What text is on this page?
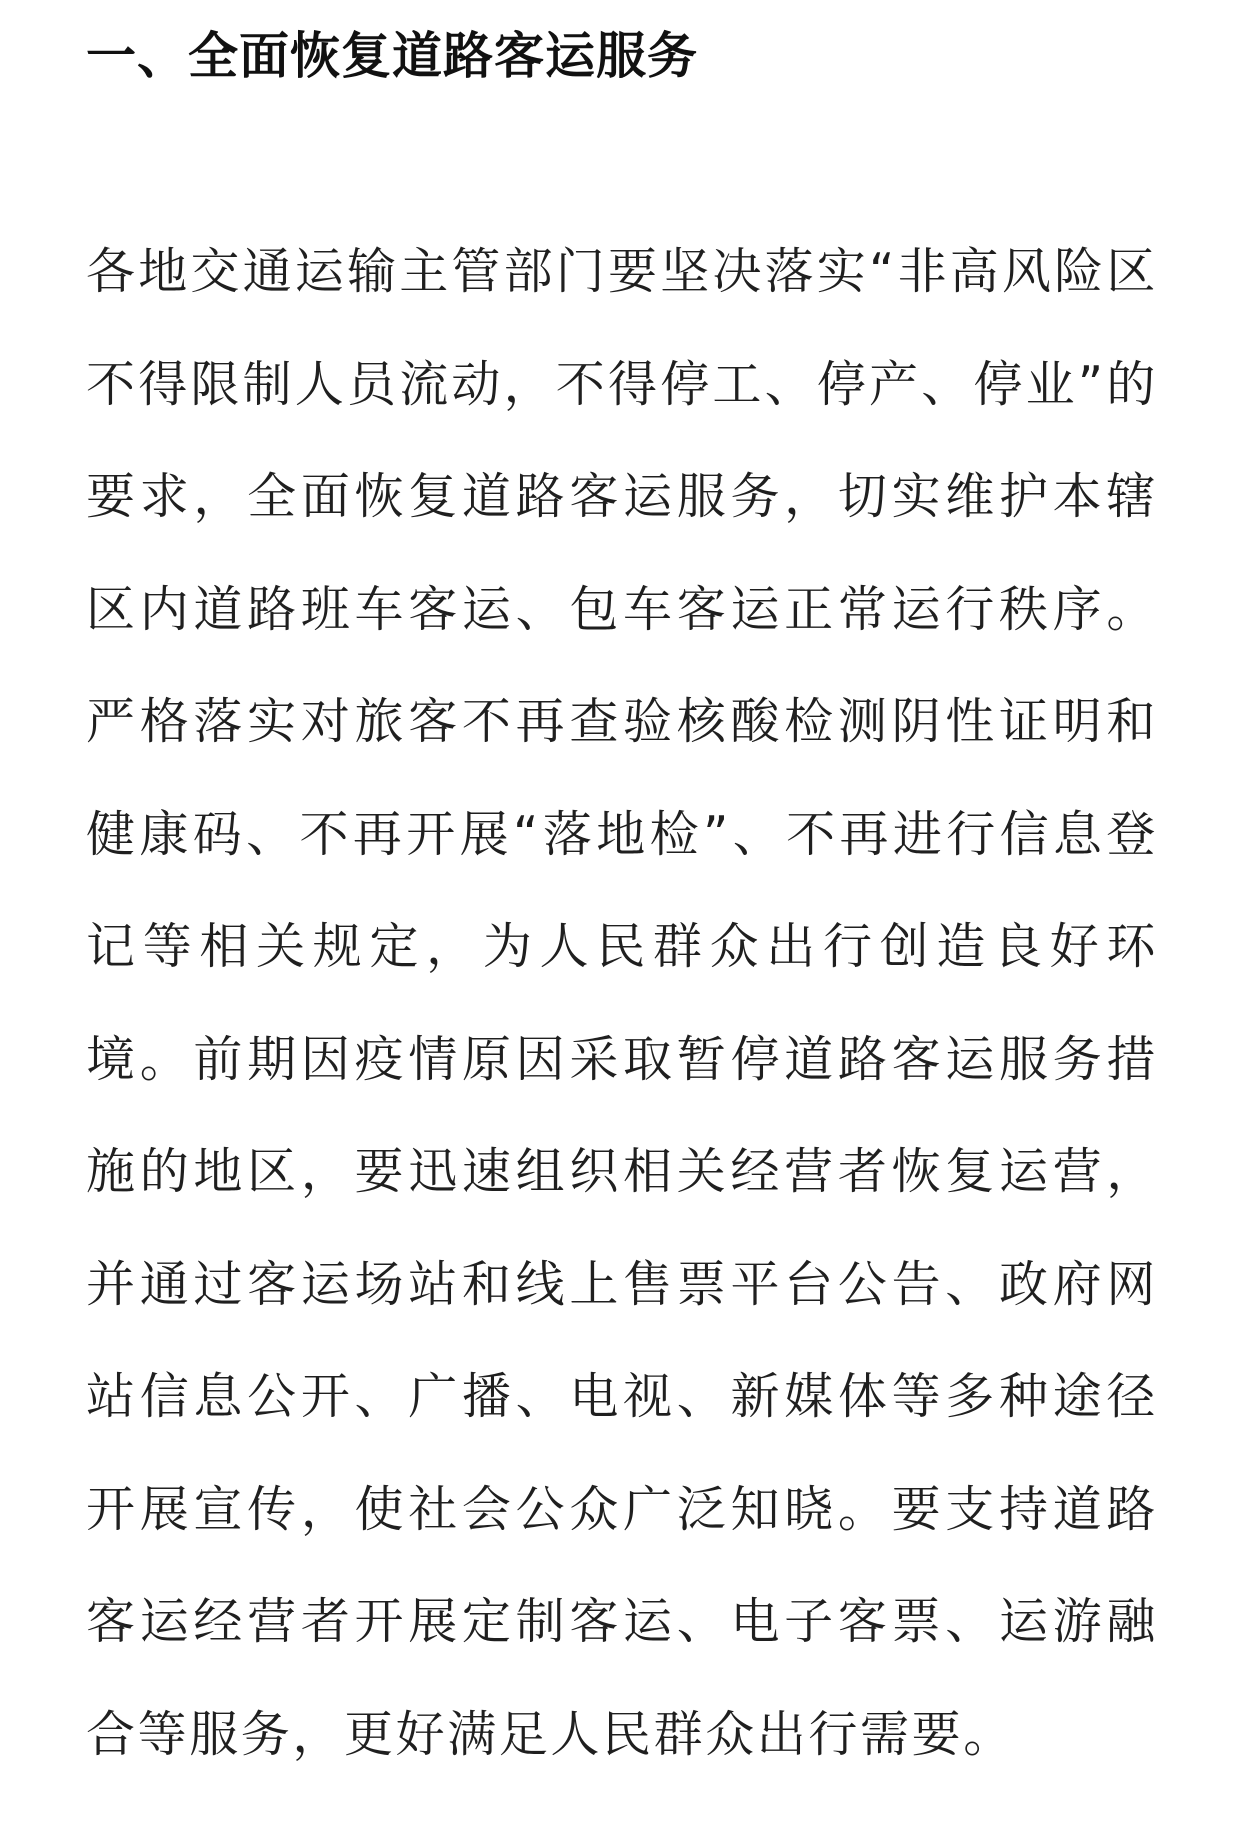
一、全面恢复道路客运服务

各地交通运输主管部门要坚决落实“非高风险区不得限制人员流动，不得停工、停产、停业”的要求，全面恢复道路客运服务，切实维护本辖区内道路班车客运、包车客运正常运行秩序。严格落实对旅客不再查验核酸检测阴性证明和健康码、不再开展“落地检”、不再进行信息登记等相关规定，为人民群众出行创造良好环境。前期因疫情原因采取暂停道路客运服务措施的地区，要迅速组织相关经营者恢复运营，并通过客运场站和线上售票平台公告、政府网站信息公开、广播、电视、新媒体等多种途径开展宣传，使社会公众广泛知晓。要支持道路客运经营者开展定制客运、电子客票、运游融合等服务，更好满足人民群众出行需要。
